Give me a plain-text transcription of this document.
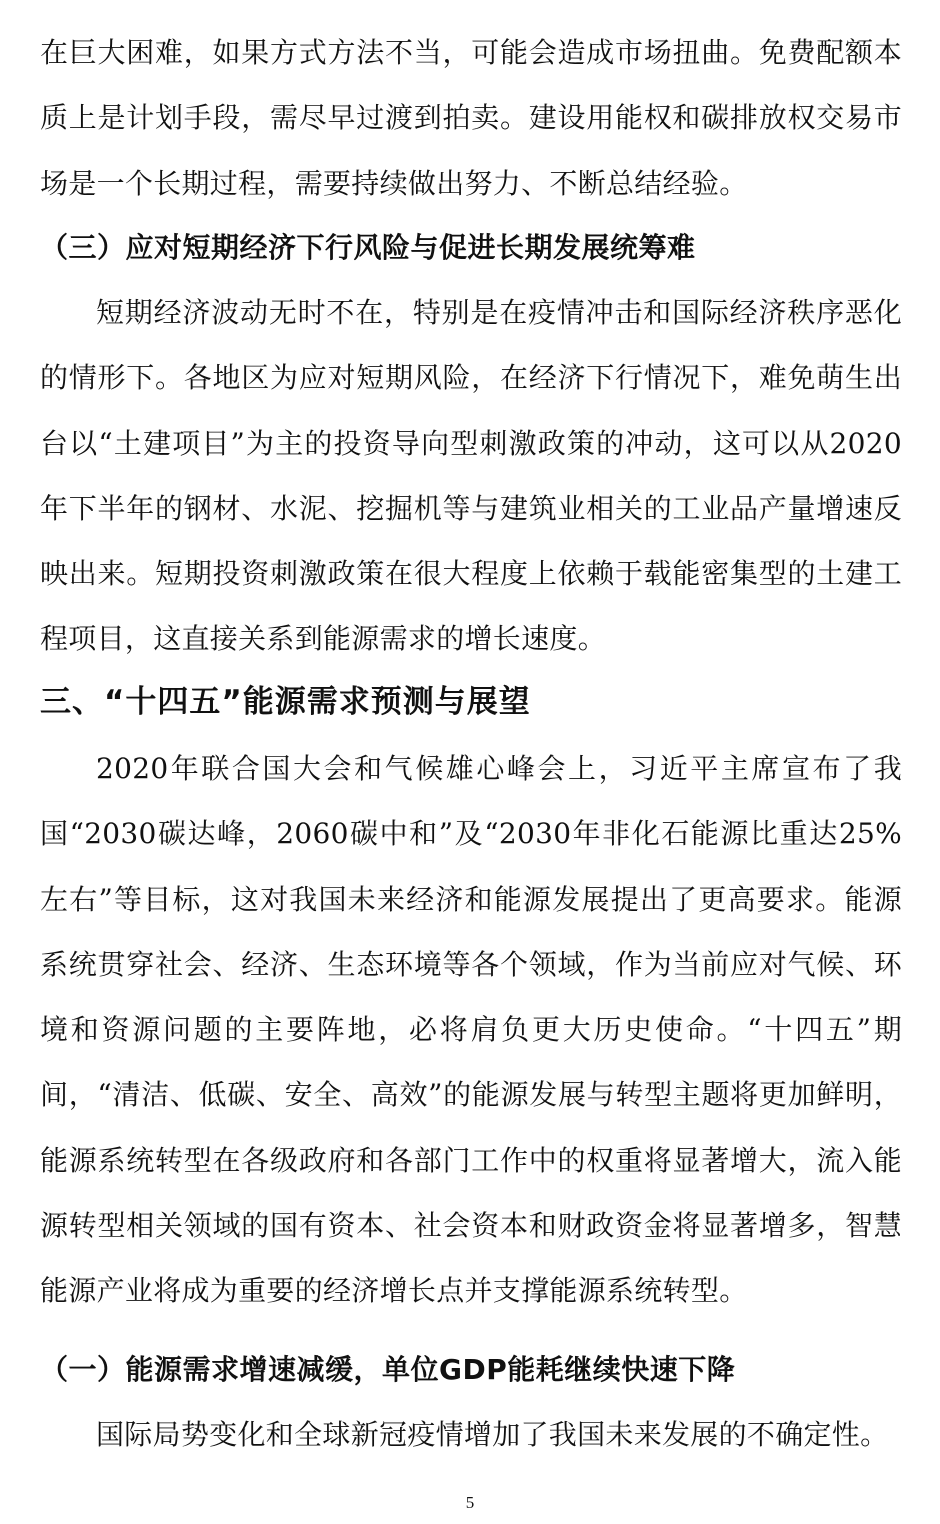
在巨大困难，如果方式方法不当，可能会造成市场扭曲。免费配额本质上是计划手段，需尽早过渡到拍卖。建设用能权和碳排放权交易市场是一个长期过程，需要持续做出努力、不断总结经验。

（三）应对短期经济下行风险与促进长期发展统筹难

短期经济波动无时不在，特别是在疫情冲击和国际经济秩序恶化的情形下。各地区为应对短期风险，在经济下行情况下，难免萌生出台以“土建项目”为主的投资导向型刺激政策的冲动，这可以从2020年下半年的钢材、水泥、挖掘机等与建筑业相关的工业品产量增速反映出来。短期投资刺激政策在很大程度上依赖于载能密集型的土建工程项目，这直接关系到能源需求的增长速度。

三、“十四五”能源需求预测与展望

2020年联合国大会和气候雄心峰会上，习近平主席宣布了我国“2030碳达峰，2060碳中和”及“2030年非化石能源比重达25%左右”等目标，这对我国未来经济和能源发展提出了更高要求。能源系统贯穿社会、经济、生态环境等各个领域，作为当前应对气候、环境和资源问题的主要阵地，必将肩负更大历史使命。“十四五”期间，“清洁、低碳、安全、高效”的能源发展与转型主题将更加鲜明，能源系统转型在各级政府和各部门工作中的权重将显著增大，流入能源转型相关领域的国有资本、社会资本和财政资金将显著增多，智慧能源产业将成为重要的经济增长点并支撑能源系统转型。

（一）能源需求增速减缓，单位GDP能耗继续快速下降

国际局势变化和全球新冠疫情增加了我国未来发展的不确定性。

5
